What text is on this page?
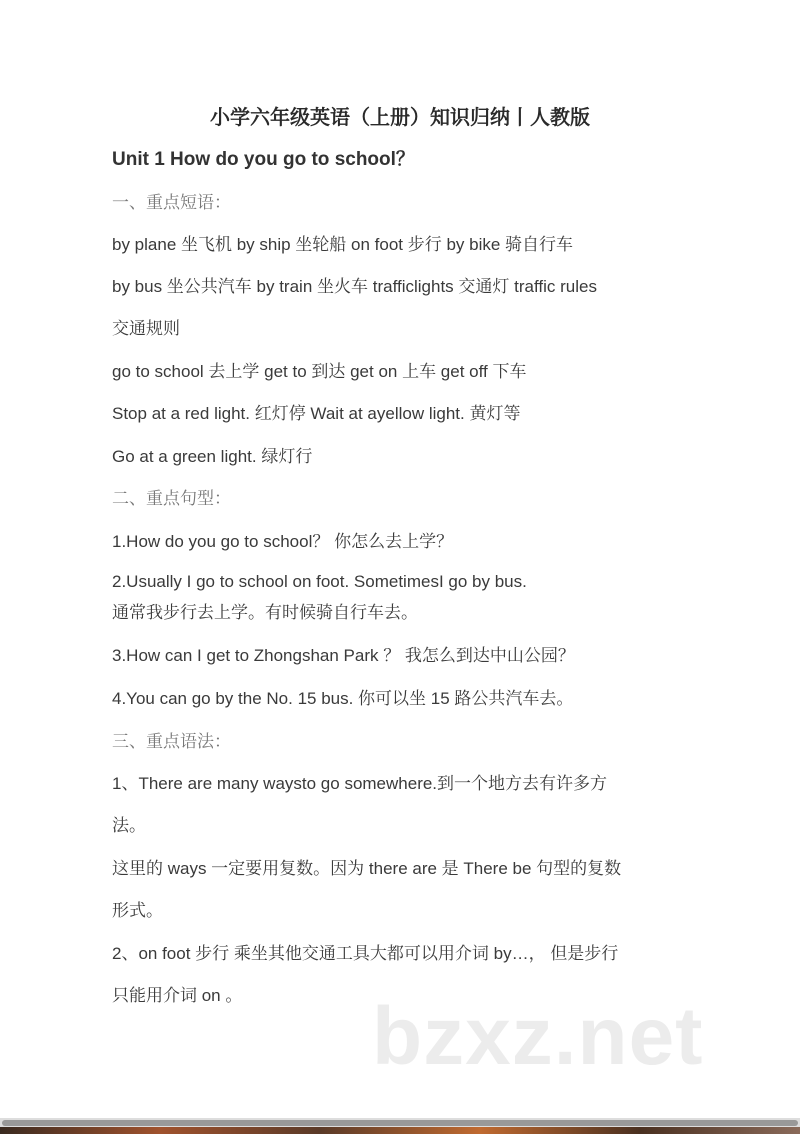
小学六年级英语（上册）知识归纳丨人教版
Unit 1 How do you go to school？
一、重点短语：
by plane 坐飞机 by ship 坐轮船 on foot 步行 by bike 骑自行车
by bus 坐公共汽车 by train 坐火车 trafficlights 交通灯 traffic rules
交通规则
go to school 去上学 get to 到达 get on 上车 get off 下车
Stop at a red light. 红灯停 Wait at ayellow light. 黄灯等
Go at a green light. 绿灯行
二、重点句型：
1.How do you go to school？ 你怎么去上学？
2.Usually I go to school on foot. SometimesI go by bus.
通常我步行去上学。有时候骑自行车去。
3.How can I get to Zhongshan Park ？ 我怎么到达中山公园？
4.You can go by the No. 15 bus. 你可以坐 15 路公共汽车去。
三、重点语法：
1、There are many waysto go somewhere.到一个地方去有许多方
法。
这里的 ways 一定要用复数。因为 there are 是 There be 句型的复数
形式。
2、on foot 步行 乘坐其他交通工具大都可以用介词 by…， 但是步行
只能用介词 on 。 bzxz.net
